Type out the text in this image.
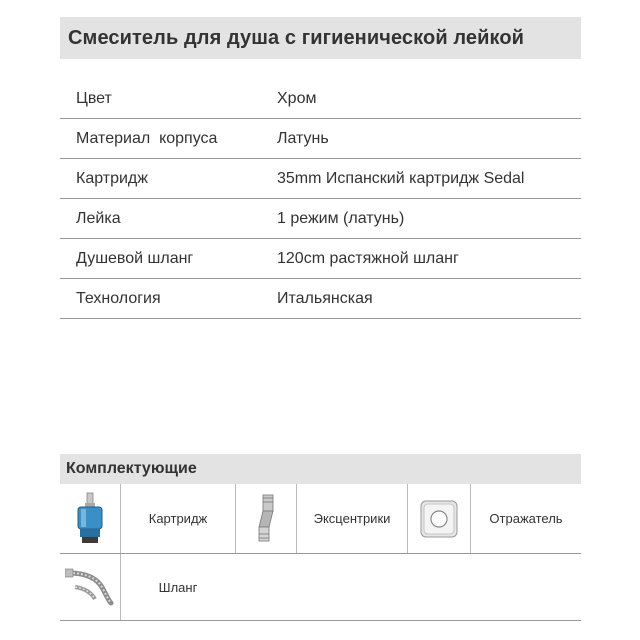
Смеситель для душа с гигиенической лейкой
Цвет	Хром
Материал  корпуса	Латунь
Картридж	35mm Испанский картридж Sedal
Лейка	1 режим (латунь)
Душевой шланг	120cm растяжной шланг
Технология	Итальянская
Комплектующие
Картридж	Эксцентрики	Отражатель
Шланг
